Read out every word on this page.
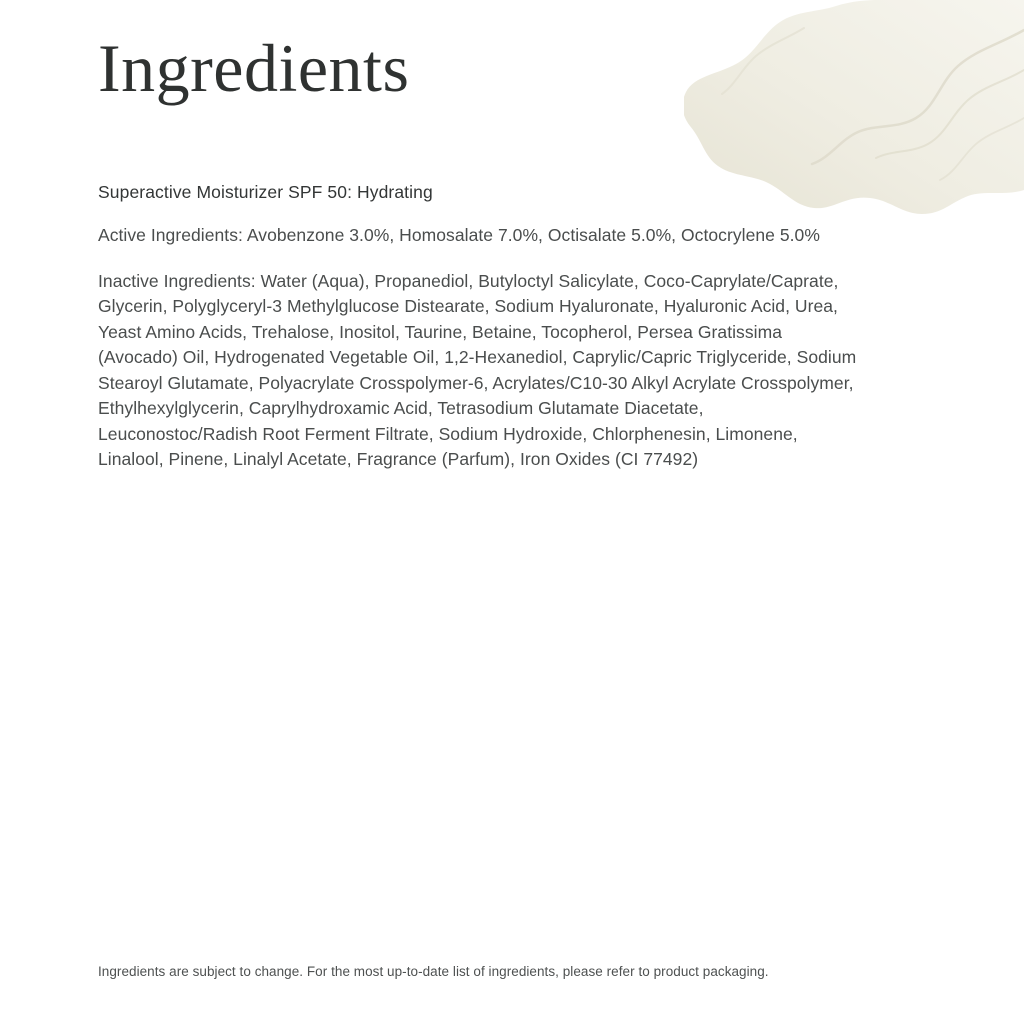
Ingredients

Superactive Moisturizer SPF 50: Hydrating

Active Ingredients: Avobenzone 3.0%, Homosalate 7.0%, Octisalate 5.0%, Octocrylene 5.0%

Inactive Ingredients: Water (Aqua), Propanediol, Butyloctyl Salicylate, Coco-Caprylate/Caprate, Glycerin, Polyglyceryl-3 Methylglucose Distearate, Sodium Hyaluronate, Hyaluronic Acid, Urea, Yeast Amino Acids, Trehalose, Inositol, Taurine, Betaine, Tocopherol, Persea Gratissima (Avocado) Oil, Hydrogenated Vegetable Oil, 1,2-Hexanediol, Caprylic/Capric Triglyceride, Sodium Stearoyl Glutamate, Polyacrylate Crosspolymer-6, Acrylates/C10-30 Alkyl Acrylate Crosspolymer, Ethylhexylglycerin, Caprylhydroxamic Acid, Tetrasodium Glutamate Diacetate, Leuconostoc/Radish Root Ferment Filtrate, Sodium Hydroxide, Chlorphenesin, Limonene, Linalool, Pinene, Linalyl Acetate, Fragrance (Parfum), Iron Oxides (CI 77492)

Ingredients are subject to change. For the most up-to-date list of ingredients, please refer to product packaging.
